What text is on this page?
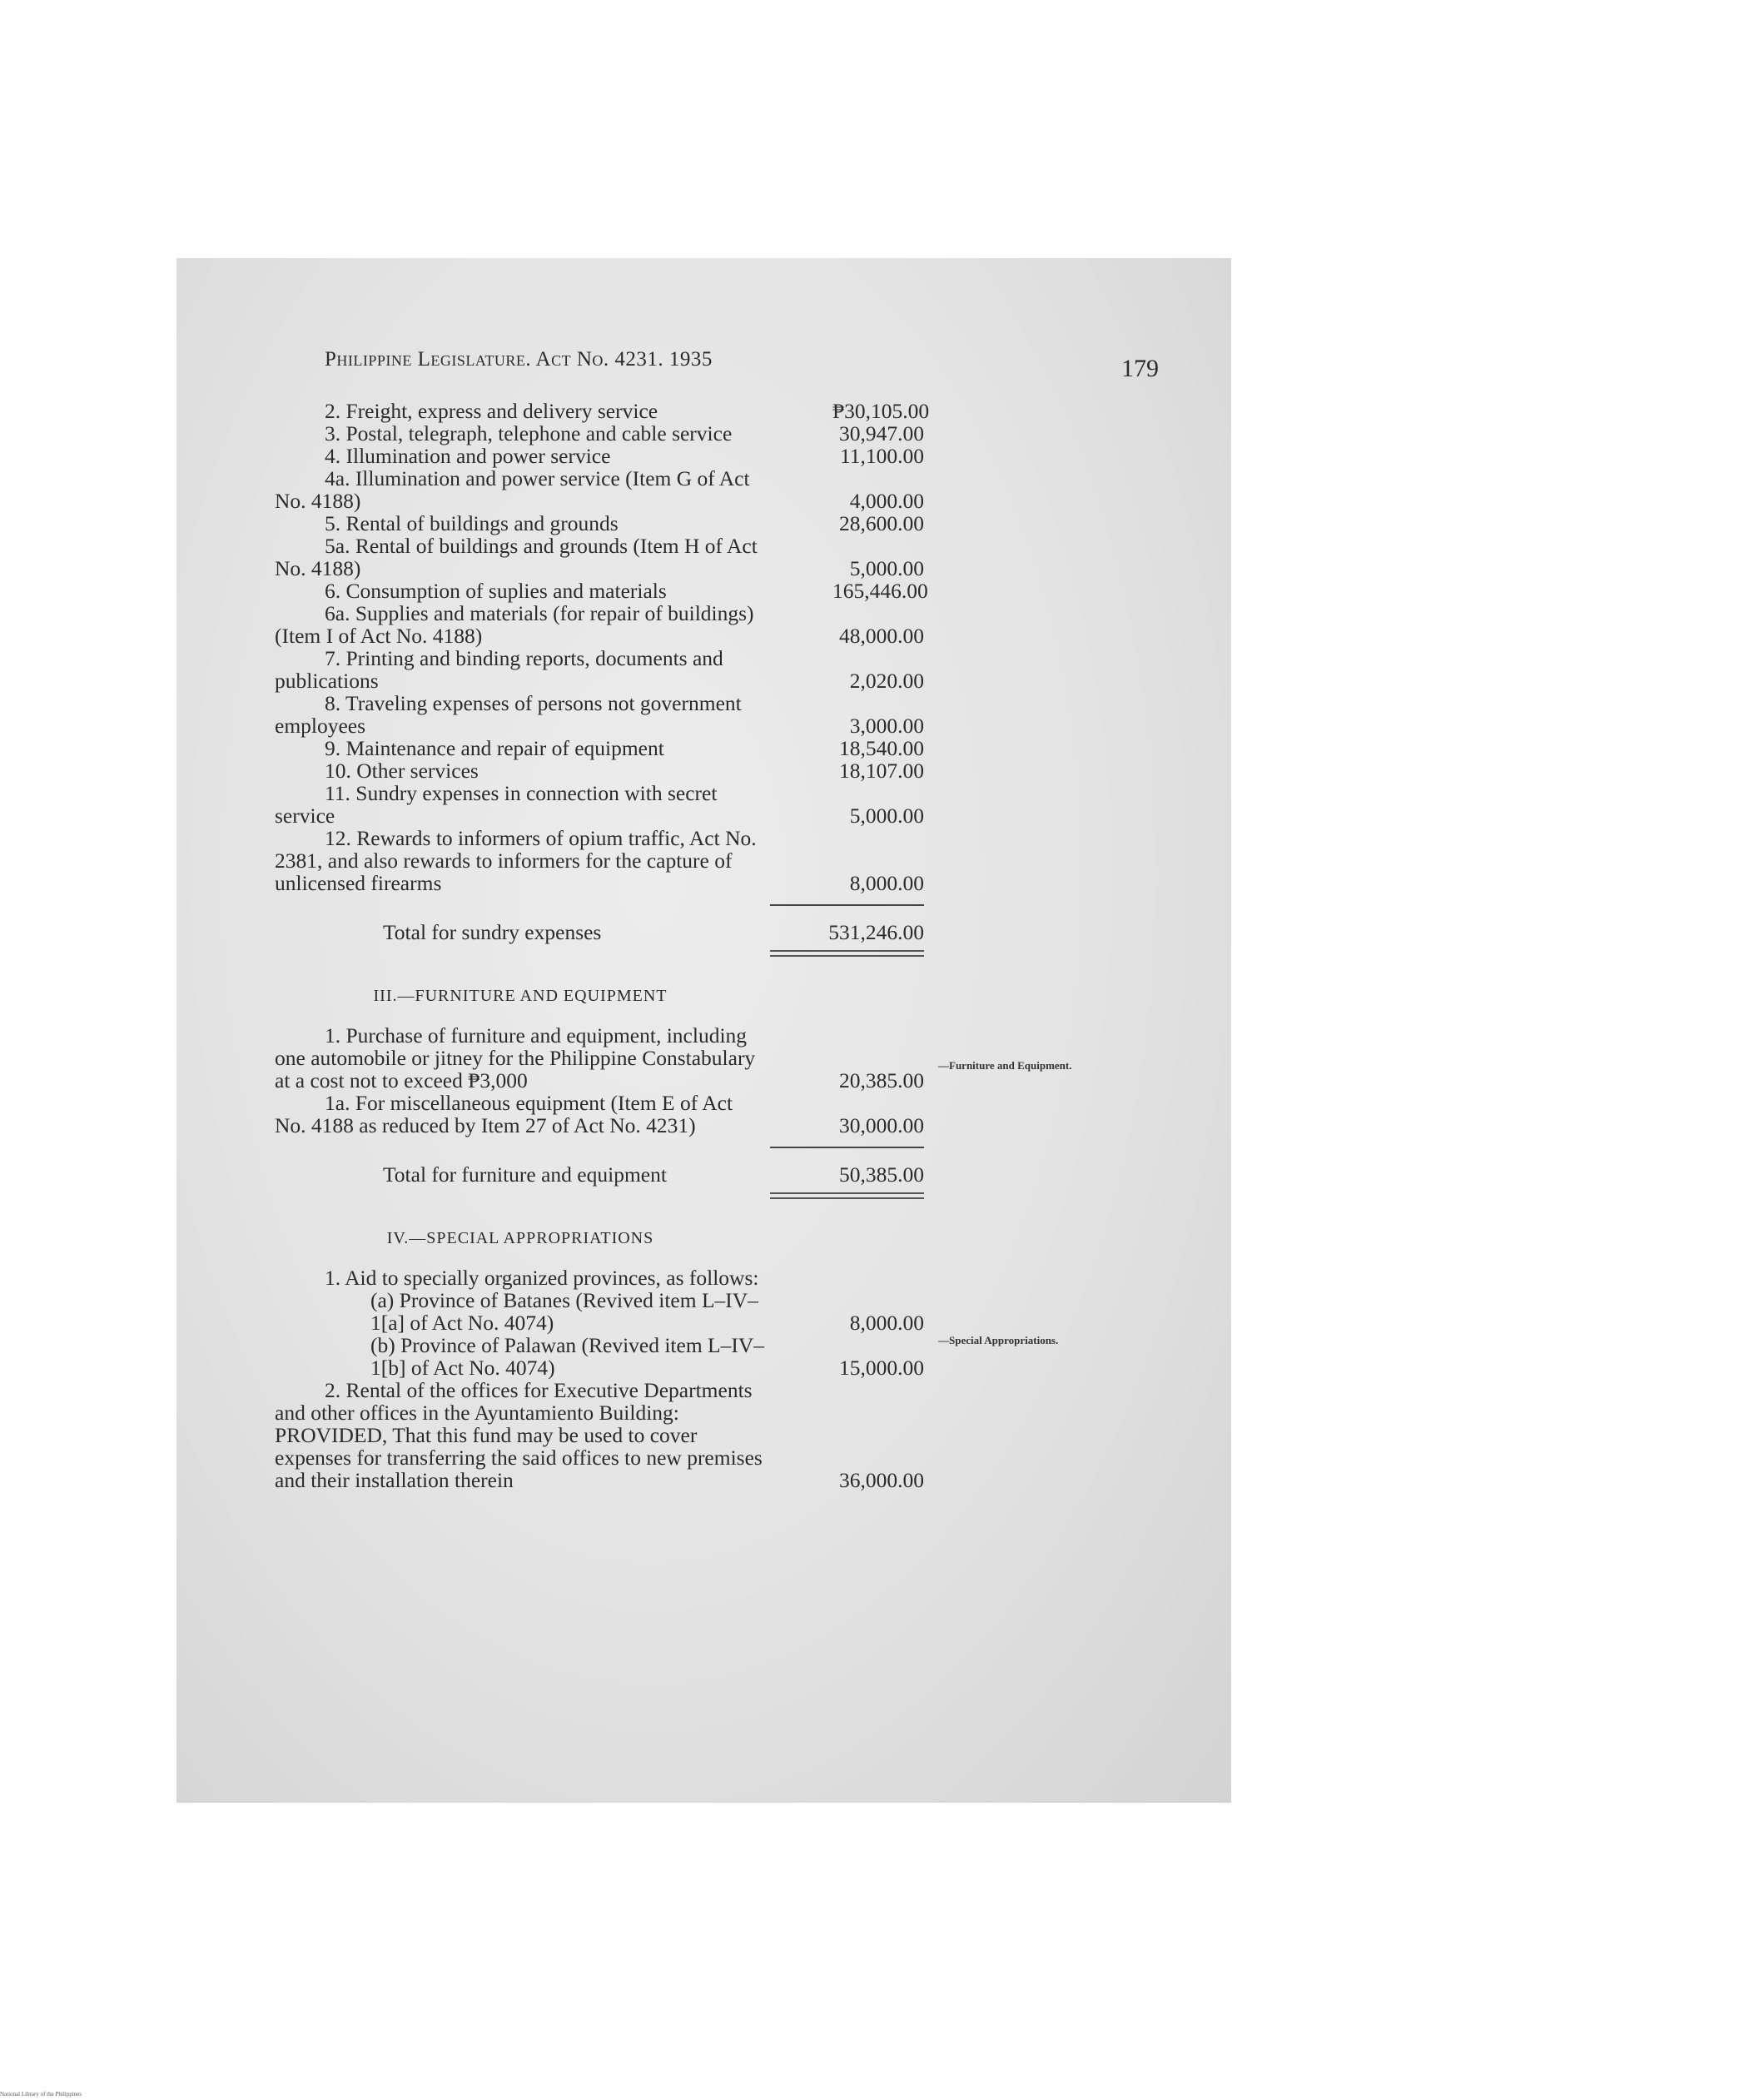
Philippine Legislature. Act No. 4231. 1935	179
—Furniture and Equipment.
—Special Appropriations.
2. Freight, express and delivery service	₱30,105.00
3. Postal, telegraph, telephone and cable service	30,947.00
4. Illumination and power service	11,100.00
4a. Illumination and power service (Item G of Act No. 4188)	4,000.00
5. Rental of buildings and grounds	28,600.00
5a. Rental of buildings and grounds (Item H of Act No. 4188)	5,000.00
6. Consumption of suplies and materials	165,446.00
6a. Supplies and materials (for repair of buildings) (Item I of Act No. 4188)	48,000.00
7. Printing and binding reports, documents and publications	2,020.00
8. Traveling expenses of persons not government employees	3,000.00
9. Maintenance and repair of equipment	18,540.00
10. Other services	18,107.00
11. Sundry expenses in connection with secret service	5,000.00
12. Rewards to informers of opium traffic, Act No. 2381, and also rewards to informers for the capture of unlicensed firearms	8,000.00
Total for sundry expenses	531,246.00
III.—FURNITURE AND EQUIPMENT
1. Purchase of furniture and equipment, including one automobile or jitney for the Philippine Constabulary at a cost not to exceed ₱3,000	20,385.00
1a. For miscellaneous equipment (Item E of Act No. 4188 as reduced by Item 27 of Act No. 4231)	30,000.00
Total for furniture and equipment	50,385.00
IV.—SPECIAL APPROPRIATIONS
1. Aid to specially organized provinces, as follows:
(a) Province of Batanes (Revived item L–IV–1[a] of Act No. 4074)	8,000.00
(b) Province of Palawan (Revived item L–IV–1[b] of Act No. 4074)	15,000.00
2. Rental of the offices for Executive Departments and other offices in the Ayuntamiento Building: PROVIDED, That this fund may be used to cover expenses for transferring the said offices to new premises and their installation therein	36,000.00
National Library of the Philippines
